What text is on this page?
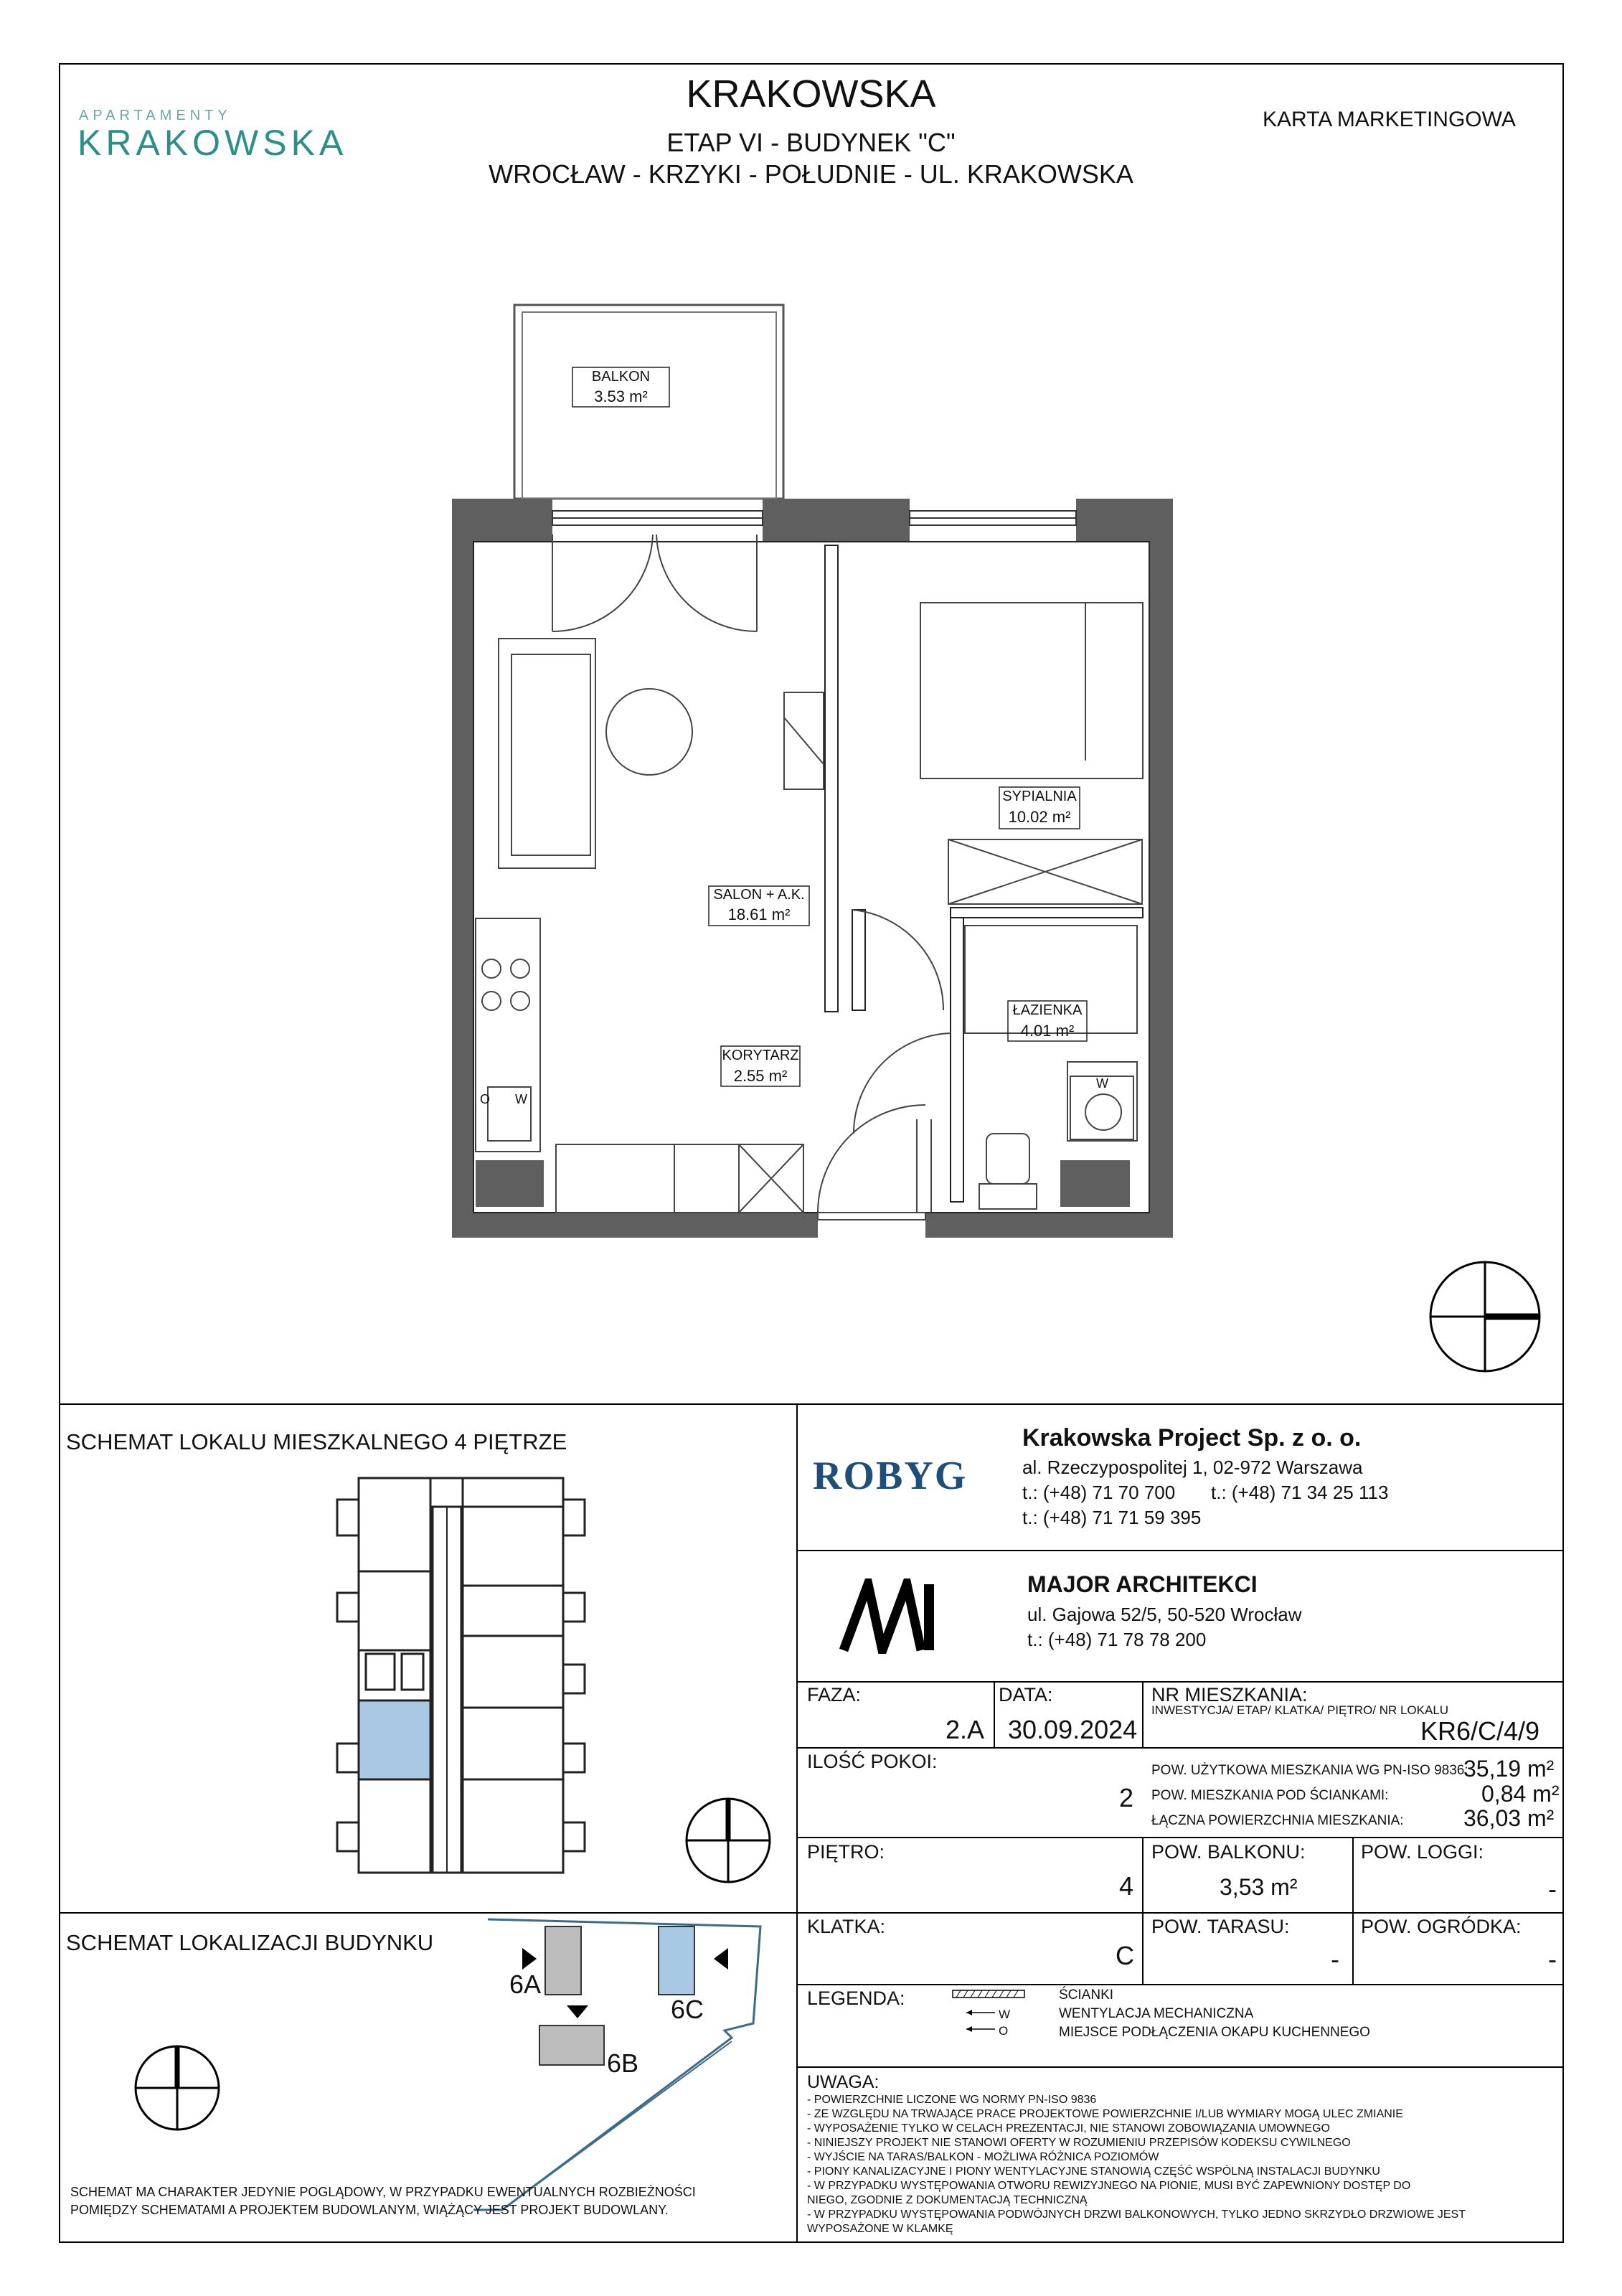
APARTAMENTY
KRAKOWSKA
KRAKOWSKA
ETAP VI - BUDYNEK "C"
WROCŁAW - KRZYKI - POŁUDNIE - UL. KRAKOWSKA
KARTA MARKETINGOWA
BALKON
3.53 m²
SYPIALNIA
10.02 m²
SALON + A.K.
18.61 m²
ŁAZIENKA
4.01 m²
KORYTARZ
2.55 m²
O W
W
SCHEMAT LOKALU MIESZKALNEGO 4 PIĘTRZE
SCHEMAT LOKALIZACJI BUDYNKU
6A
6B
6C
SCHEMAT MA CHARAKTER JEDYNIE POGLĄDOWY, W PRZYPADKU EWENTUALNYCH ROZBIEŻNOŚCI
POMIĘDZY SCHEMATAMI A PROJEKTEM BUDOWLANYM, WIĄŻĄCY JEST PROJEKT BUDOWLANY.
ROBYG
Krakowska Project Sp. z o. o.
al. Rzeczypospolitej 1, 02-972 Warszawa
t.: (+48) 71 70 700 t.: (+48) 71 34 25 113
t.: (+48) 71 71 59 395
MAJOR ARCHITEKCI
ul. Gajowa 52/5, 50-520 Wrocław
t.: (+48) 71 78 78 200
FAZA:
2.A
DATA:
30.09.2024
NR MIESZKANIA:
INWESTYCJA/ ETAP/ KLATKA/ PIĘTRO/ NR LOKALU
KR6/C/4/9
ILOŚĆ POKOI:
2
POW. UŻYTKOWA MIESZKANIA WG PN-ISO 9836:
35,19 m²
POW. MIESZKANIA POD ŚCIANKAMI:	0,84 m²
ŁĄCZNA POWIERZCHNIA MIESZKANIA:	36,03 m²
PIĘTRO:
4
POW. BALKONU:
3,53 m²
POW. LOGGI:
-
KLATKA:
C
POW. TARASU:
-
POW. OGRÓDKA:
-
LEGENDA:
W
O
ŚCIANKI
WENTYLACJA MECHANICZNA
MIEJSCE PODŁĄCZENIA OKAPU KUCHENNEGO
UWAGA:
- POWIERZCHNIE LICZONE WG NORMY PN-ISO 9836
- ZE WZGLĘDU NA TRWAJĄCE PRACE PROJEKTOWE POWIERZCHNIE I/LUB WYMIARY MOGĄ ULEC ZMIANIE
- WYPOSAŻENIE TYLKO W CELACH PREZENTACJI, NIE STANOWI ZOBOWIĄZANIA UMOWNEGO
- NINIEJSZY PROJEKT NIE STANOWI OFERTY W ROZUMIENIU PRZEPISÓW KODEKSU CYWILNEGO
- WYJŚCIE NA TARAS/BALKON - MOŻLIWA RÓŻNICA POZIOMÓW
- PIONY KANALIZACYJNE I PIONY WENTYLACYJNE STANOWIĄ CZĘŚĆ WSPÓLNĄ INSTALACJI BUDYNKU
- W PRZYPADKU WYSTĘPOWANIA OTWORU REWIZYJNEGO NA PIONIE, MUSI BYĆ ZAPEWNIONY DOSTĘP DO
NIEGO, ZGODNIE Z DOKUMENTACJĄ TECHNICZNĄ
- W PRZYPADKU WYSTĘPOWANIA PODWÓJNYCH DRZWI BALKONOWYCH, TYLKO JEDNO SKRZYDŁO DRZWIOWE JEST
WYPOSAŻONE W KLAMKĘ
